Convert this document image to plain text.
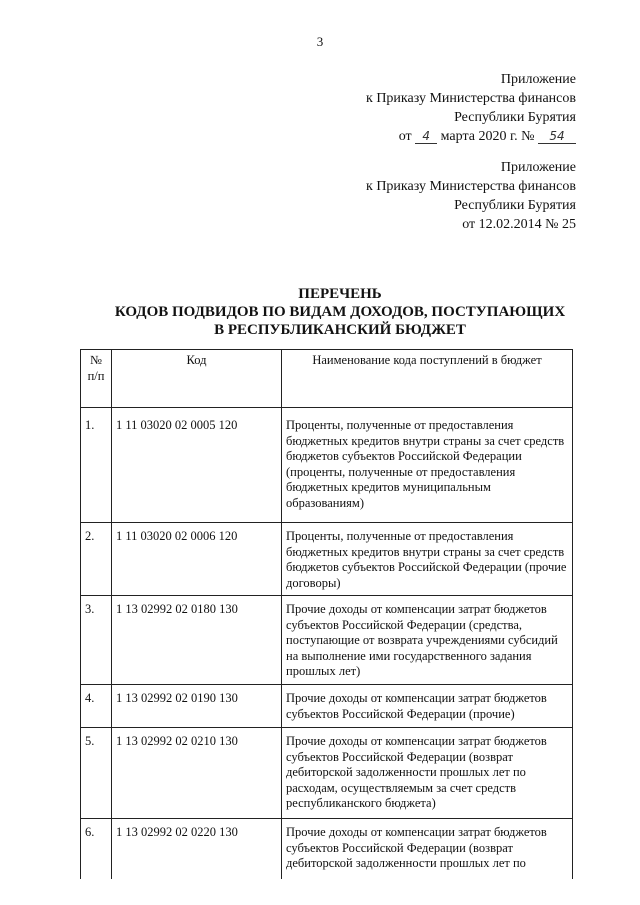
3
Приложение
к Приказу Министерства финансов
Республики Бурятия
от 4 марта 2020 г. № 54
Приложение
к Приказу Министерства финансов
Республики Бурятия
от 12.02.2014 № 25
ПЕРЕЧЕНЬ
КОДОВ ПОДВИДОВ ПО ВИДАМ ДОХОДОВ, ПОСТУПАЮЩИХ
В РЕСПУБЛИКАНСКИЙ БЮДЖЕТ
№ п/п	Код	Наименование кода поступлений в бюджет
1.	1 11 03020 02 0005 120	Проценты, полученные от предоставления бюджетных кредитов внутри страны за счет средств бюджетов субъектов Российской Федерации (проценты, полученные от предоставления бюджетных кредитов муниципальным образованиям)
2.	1 11 03020 02 0006 120	Проценты, полученные от предоставления бюджетных кредитов внутри страны за счет средств бюджетов субъектов Российской Федерации (прочие договоры)
3.	1 13 02992 02 0180 130	Прочие доходы от компенсации затрат бюджетов субъектов Российской Федерации (средства, поступающие от возврата учреждениями субсидий на выполнение ими государственного задания прошлых лет)
4.	1 13 02992 02 0190 130	Прочие доходы от компенсации затрат бюджетов субъектов Российской Федерации (прочие)
5.	1 13 02992 02 0210 130	Прочие доходы от компенсации затрат бюджетов субъектов Российской Федерации (возврат дебиторской задолженности прошлых лет по расходам, осуществляемым за счет средств республиканского бюджета)
6.	1 13 02992 02 0220 130	Прочие доходы от компенсации затрат бюджетов субъектов Российской Федерации (возврат дебиторской задолженности прошлых лет по
